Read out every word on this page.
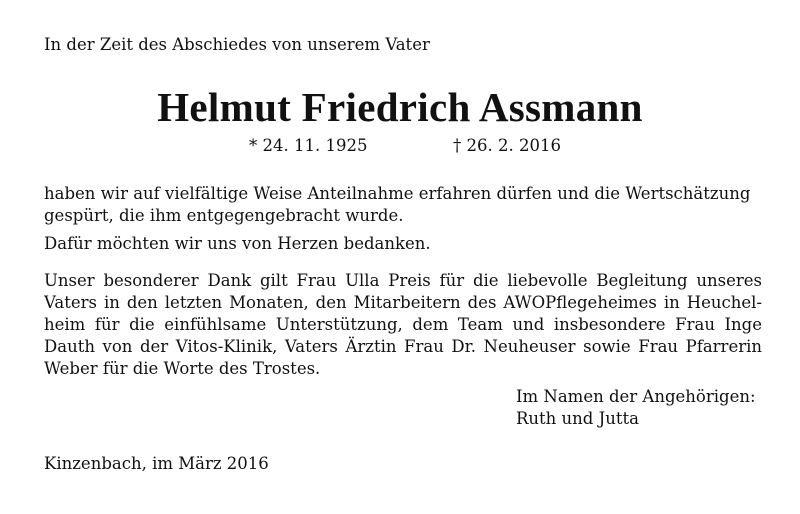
In der Zeit des Abschiedes von unserem Vater
Helmut Friedrich Assmann
* 24. 11. 1925	† 26. 2. 2016
haben wir auf vielfältige Weise Anteilnahme erfahren dürfen und die Wertschätzung
gespürt, die ihm entgegengebracht wurde.
Dafür möchten wir uns von Herzen bedanken.
Unser besonderer Dank gilt Frau Ulla Preis für die liebevolle Begleitung unseres
Vaters in den letzten Monaten, den Mitarbeitern des AWOPflegeheimes in Heuchel-
heim für die einfühlsame Unterstützung, dem Team und insbesondere Frau Inge
Dauth von der Vitos-Klinik, Vaters Ärztin Frau Dr. Neuheuser sowie Frau Pfarrerin
Weber für die Worte des Trostes.
Im Namen der Angehörigen:
Ruth und Jutta
Kinzenbach, im März 2016
